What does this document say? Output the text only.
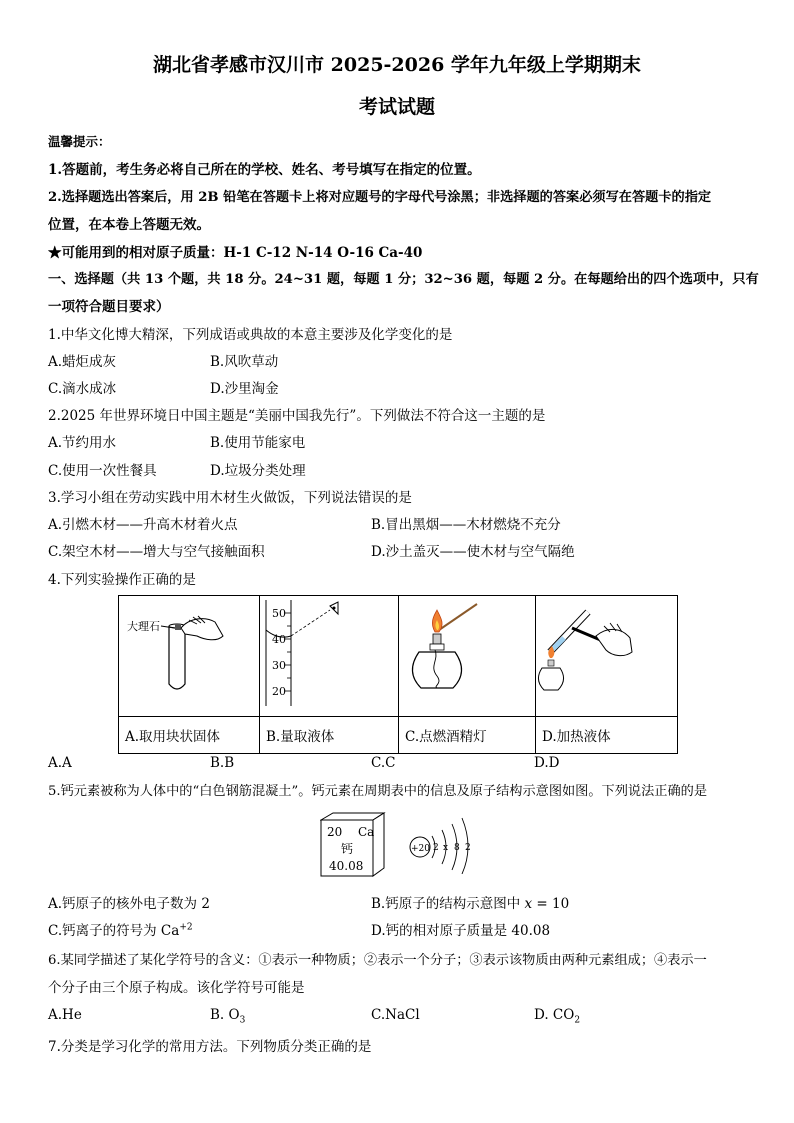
湖北省孝感市汉川市 2025-2026 学年九年级上学期期末
考试试题
温馨提示：
1.答题前，考生务必将自己所在的学校、姓名、考号填写在指定的位置。
2.选择题选出答案后，用 2B 铅笔在答题卡上将对应题号的字母代号涂黑；非选择题的答案必须写在答题卡的指定
位置，在本卷上答题无效。
★可能用到的相对原子质量：H-1 C-12 N-14 O-16 Ca-40
一、选择题（共 13 个题，共 18 分。24~31 题，每题 1 分；32~36 题，每题 2 分。在每题给出的四个选项中，只有
一项符合题目要求）
1.中华文化博大精深，下列成语或典故的本意主要涉及化学变化的是
A.蜡炬成灰	B.风吹草动
C.滴水成冰	D.沙里淘金
2.2025 年世界环境日中国主题是“美丽中国我先行”。下列做法不符合这一主题的是
A.节约用水	B.使用节能家电
C.使用一次性餐具	D.垃圾分类处理
3.学习小组在劳动实践中用木材生火做饭，下列说法错误的是
A.引燃木材——升高木材着火点	B.冒出黑烟——木材燃烧不充分
C.架空木材——增大与空气接触面积	D.沙土盖灭——使木材与空气隔绝
4.下列实验操作正确的是
大理石	50
40
30
20

A.取用块状固体	B.量取液体	C.点燃酒精灯	D.加热液体
A.A	B.B	C.C	D.D
5.钙元素被称为人体中的“白色钢筋混凝土”。钙元素在周期表中的信息及原子结构示意图如图。下列说法正确的是
20 Ca
钙
40.08
+20 2 x 8 2
A.钙原子的核外电子数为 2	B.钙原子的结构示意图中 x = 10
C.钙离子的符号为 $Ca^{+2}$	D.钙的相对原子质量是 40.08
6.某同学描述了某化学符号的含义：①表示一种物质；②表示一个分子；③表示该物质由两种元素组成；④表示一
个分子由三个原子构成。该化学符号可能是
A.He	B. $O_3$	C.NaCl	D. $CO_2$
7.分类是学习化学的常用方法。下列物质分类正确的是
